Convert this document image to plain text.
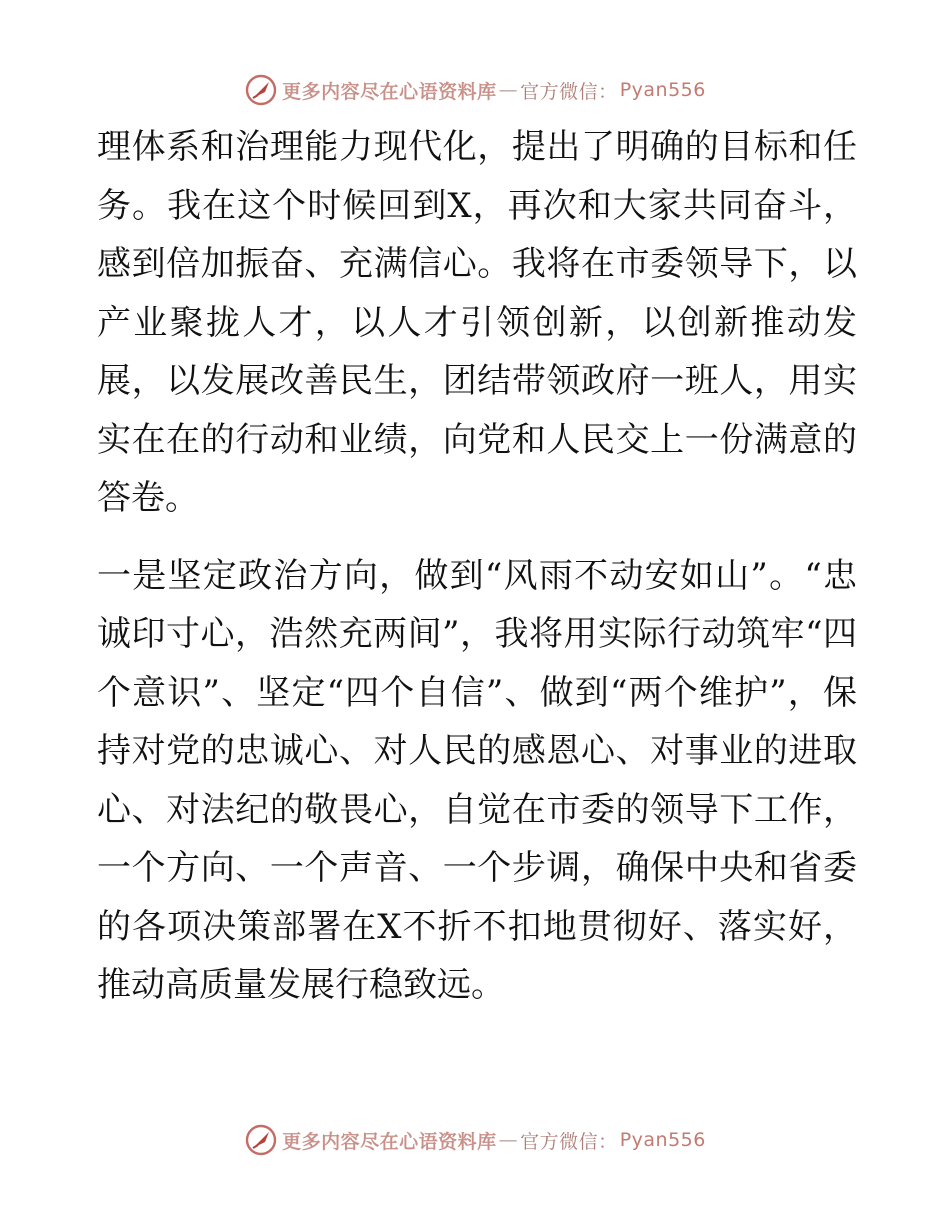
更多内容尽在心语资料库 — 官方微信： Pyan556

理体系和治理能力现代化，提出了明确的目标和任务。我在这个时候回到X，再次和大家共同奋斗，感到倍加振奋、充满信心。我将在市委领导下，以产业聚拢人才，以人才引领创新，以创新推动发展，以发展改善民生，团结带领政府一班人，用实实在在的行动和业绩，向党和人民交上一份满意的答卷。

一是坚定政治方向，做到“风雨不动安如山”。“忠诚印寸心，浩然充两间”，我将用实际行动筑牢“四个意识”、坚定“四个自信”、做到“两个维护”，保持对党的忠诚心、对人民的感恩心、对事业的进取心、对法纪的敬畏心，自觉在市委的领导下工作，一个方向、一个声音、一个步调，确保中央和省委的各项决策部署在X不折不扣地贯彻好、落实好，推动高质量发展行稳致远。

更多内容尽在心语资料库 — 官方微信： Pyan556
